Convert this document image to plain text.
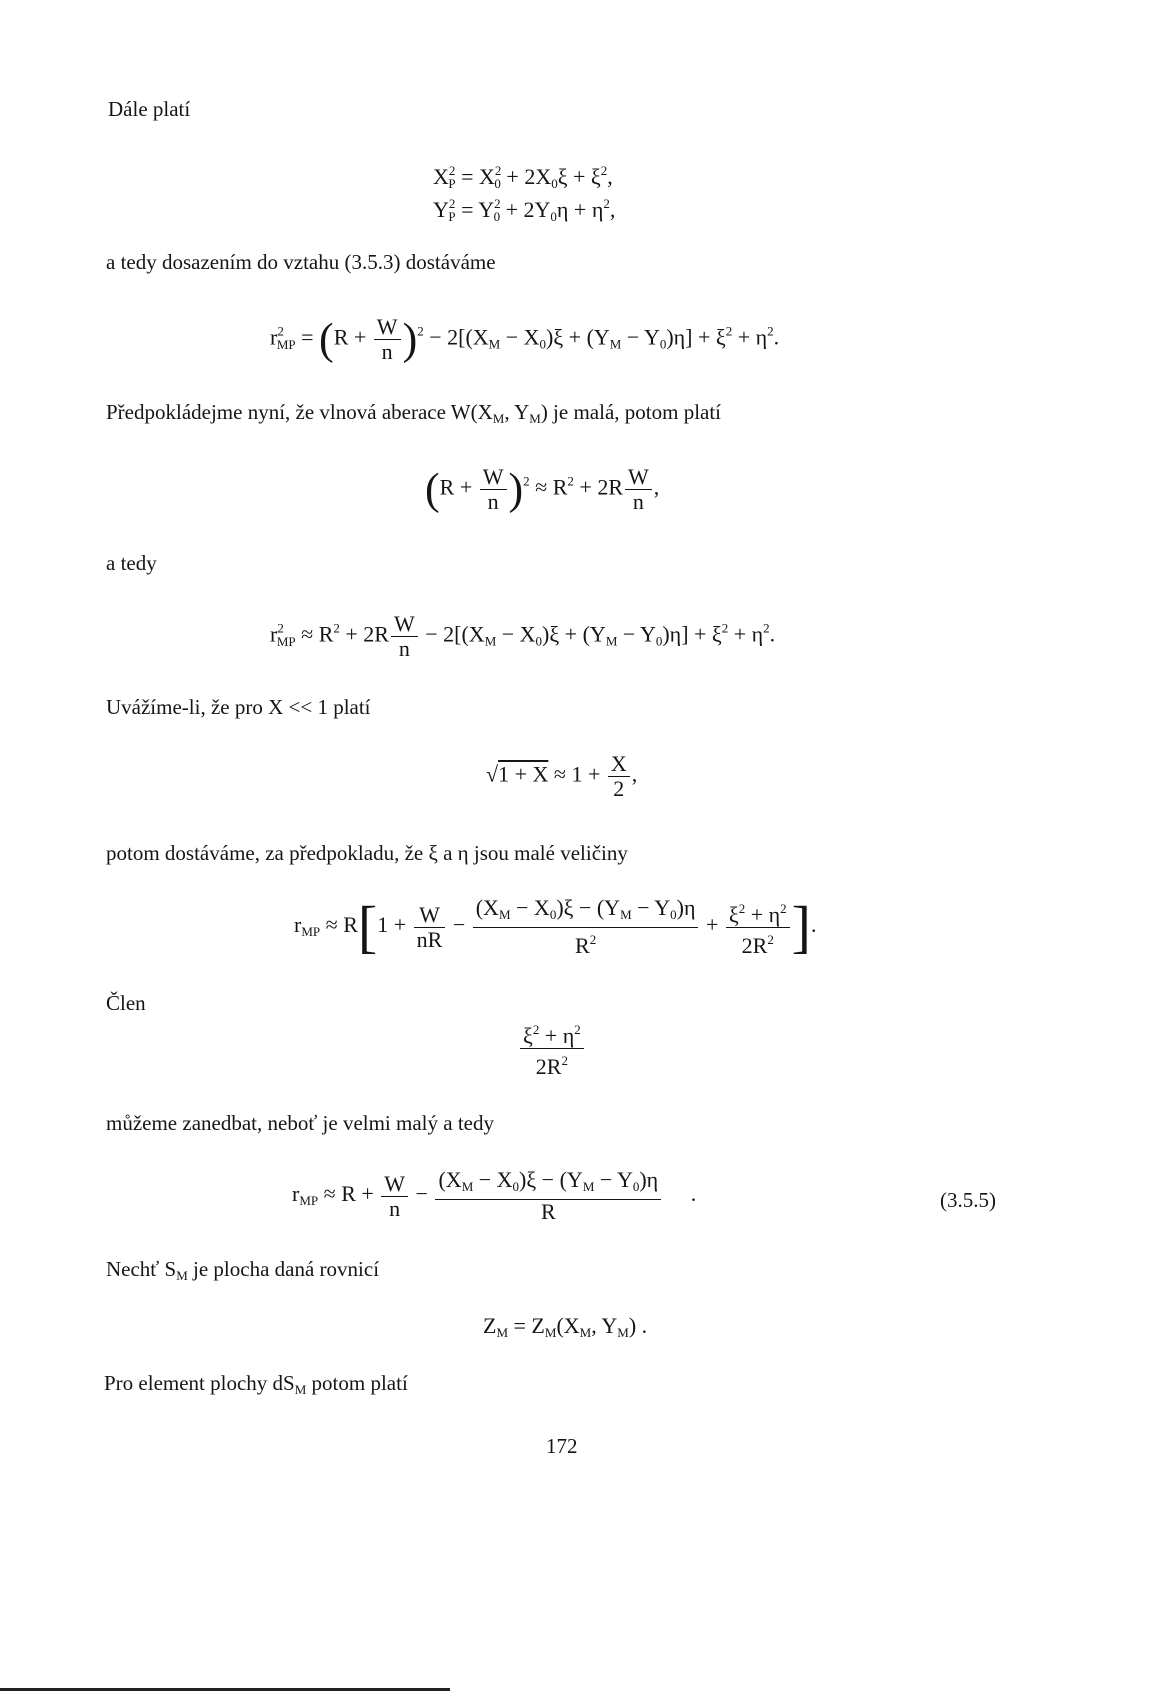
Dále platí
$X^2_P = X^2_0 + 2X_0\xi + \xi^2$,
$Y^2_P = Y^2_0 + 2Y_0\eta + \eta^2$,
a tedy dosazením do vztahu (3.5.3) dostáváme
$r^2_{MP} = (R + \frac{W}{n} )^2 - 2[(X_M - X_0)\xi + (Y_M - Y_0)\eta] + \xi^2 + \eta^2$.
Předpokládejme nyní, že vlnová aberace $W(X_M$, $Y_M$) je malá, potom platí
$(R + \frac{W}{n} )^2 \approx R^2 + 2R \frac{W}{n}$ ,
a tedy
$r^2_{MP} \approx R^2 + 2R \frac{W}{n} - 2[(X_M - X_0)\xi + (Y_M - Y_0)\eta] + \xi^2 + \eta^2$.
Uvážíme-li, že pro X << 1 platí
$√1 + X \approx 1 + \frac{X}{2}$ ,
potom dostáváme, za předpokladu, že ξ a η jsou malé veličiny
$r_{MP} \approx R[1 + \frac{W}{nR} - \frac{(X_M - X_0)\xi - (Y_M - Y_0)\eta}{R^2} + \frac{\xi^2 + \eta^2}{2R^2}$ ].
Člen
$\frac{\xi^2 + \eta^2}{2R^2}$
můžeme zanedbat, neboť je velmi malý a tedy
$r_{MP} \approx R + \frac{W}{n} - \frac{(X_M - X_0)\xi - (Y_M - Y_0)\eta}{R}$ .	(3.5.5)
Nechť $S_M$ je plocha daná rovnicí
$Z_M = Z_M(X_M$, $Y_M$) .
Pro element plochy $dS_M$ potom platí
172
